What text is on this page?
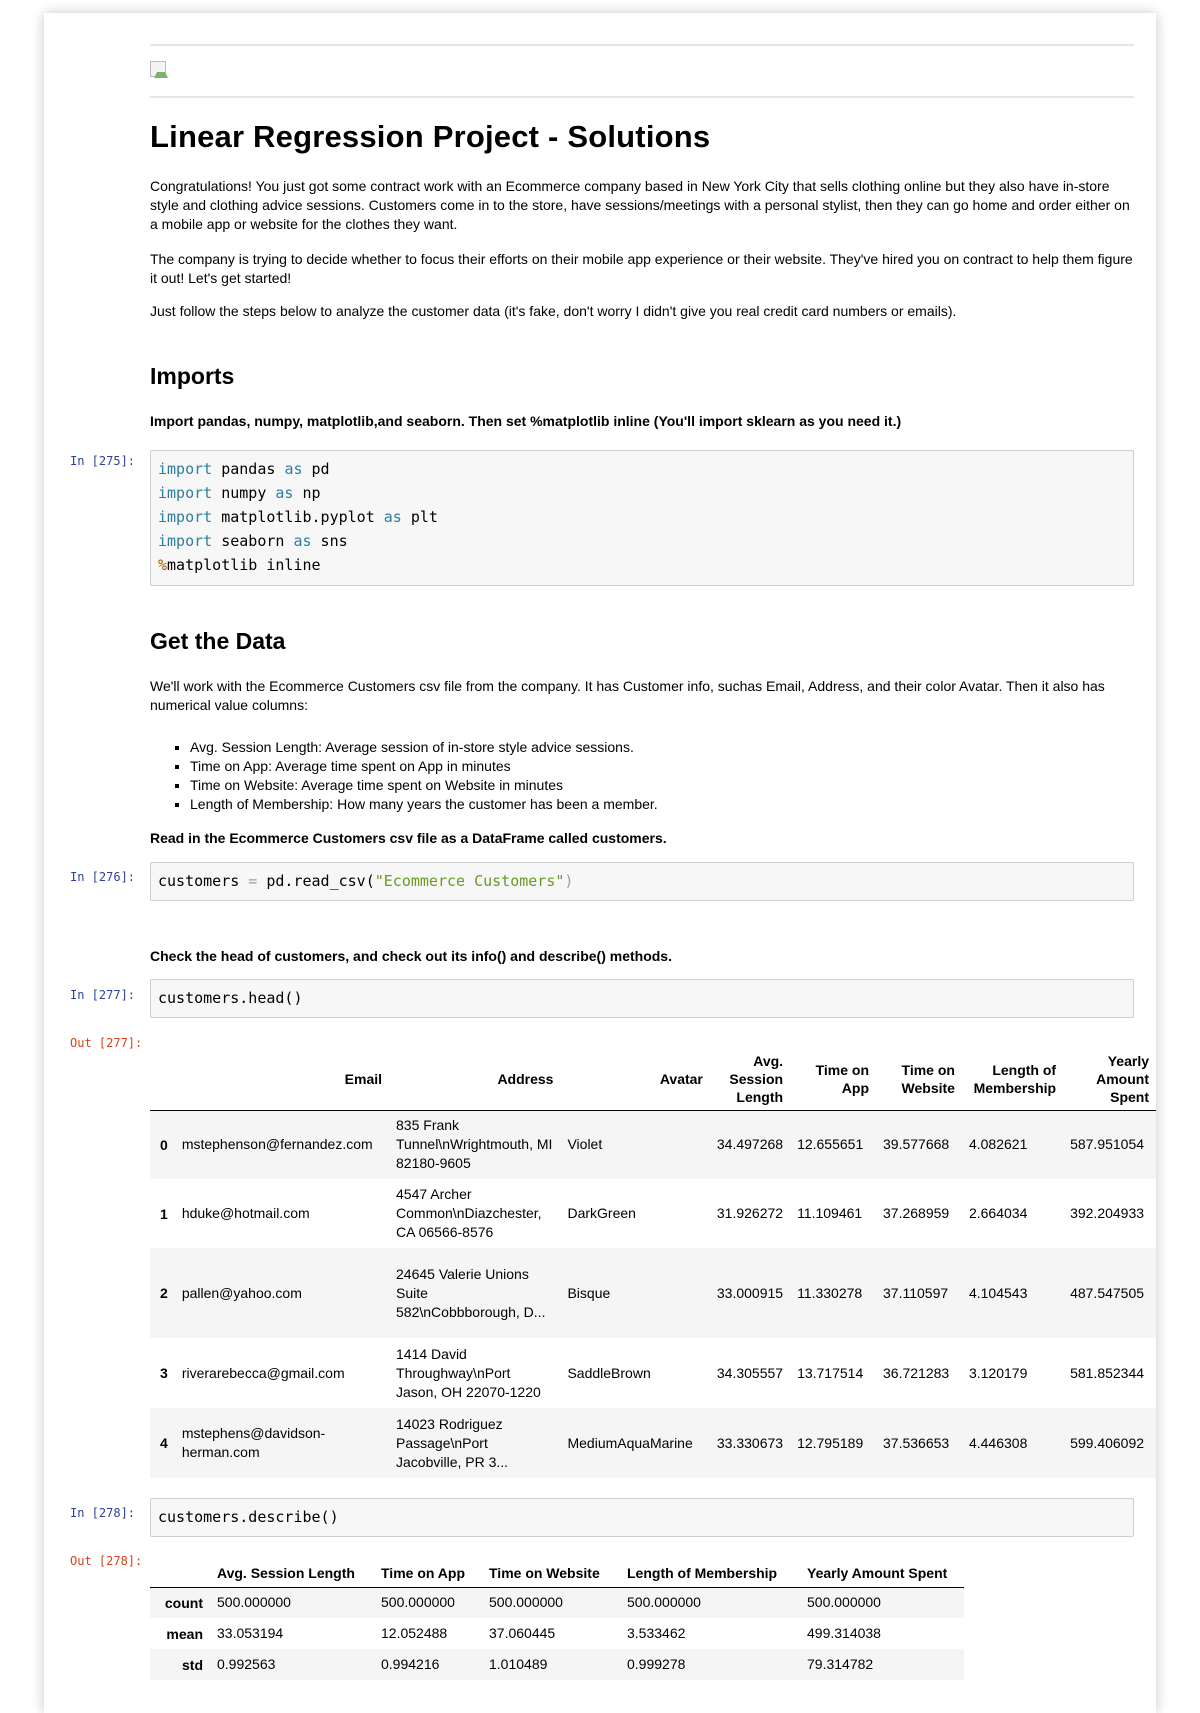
Linear Regression Project - Solutions

Congratulations! You just got some contract work with an Ecommerce company based in New York City that sells clothing online but they also have in-store style and clothing advice sessions. Customers come in to the store, have sessions/meetings with a personal stylist, then they can go home and order either on a mobile app or website for the clothes they want.

The company is trying to decide whether to focus their efforts on their mobile app experience or their website. They've hired you on contract to help them figure it out! Let's get started!

Just follow the steps below to analyze the customer data (it's fake, don't worry I didn't give you real credit card numbers or emails).

Imports

Import pandas, numpy, matplotlib,and seaborn. Then set %matplotlib inline (You'll import sklearn as you need it.)

In [275]:	import pandas as pd
import numpy as np
import matplotlib.pyplot as plt
import seaborn as sns
%matplotlib inline
Get the Data

We'll work with the Ecommerce Customers csv file from the company. It has Customer info, suchas Email, Address, and their color Avatar. Then it also has numerical value columns:

▪ Avg. Session Length: Average session of in-store style advice sessions.
▪ Time on App: Average time spent on App in minutes
▪ Time on Website: Average time spent on Website in minutes
▪ Length of Membership: How many years the customer has been a member.

Read in the Ecommerce Customers csv file as a DataFrame called customers.

In [276]:	customers = pd.read_csv("Ecommerce Customers")

Check the head of customers, and check out its info() and describe() methods.

In [277]:	customers.head()
Out [277]:
	Email	Address	Avatar	Avg. Session Length	Time on App	Time on Website	Length of Membership	Yearly Amount Spent
0	mstephenson@fernandez.com	835 Frank Tunnel\nWrightmouth, MI 82180-9605	Violet	34.497268	12.655651	39.577668	4.082621	587.951054
1	hduke@hotmail.com	4547 Archer Common\nDiazchester, CA 06566-8576	DarkGreen	31.926272	11.109461	37.268959	2.664034	392.204933
2	pallen@yahoo.com	24645 Valerie Unions Suite 582\nCobbborough, D...	Bisque	33.000915	11.330278	37.110597	4.104543	487.547505
3	riverarebecca@gmail.com	1414 David Throughway\nPort Jason, OH 22070-1220	SaddleBrown	34.305557	13.717514	36.721283	3.120179	581.852344
4	mstephens@davidson-herman.com	14023 Rodriguez Passage\nPort Jacobville, PR 3...	MediumAquaMarine	33.330673	12.795189	37.536653	4.446308	599.406092
In [278]:	customers.describe()
Out [278]:
	Avg. Session Length	Time on App	Time on Website	Length of Membership	Yearly Amount Spent
count	500.000000	500.000000	500.000000	500.000000	500.000000
mean	33.053194	12.052488	37.060445	3.533462	499.314038
std	0.992563	0.994216	1.010489	0.999278	79.314782
